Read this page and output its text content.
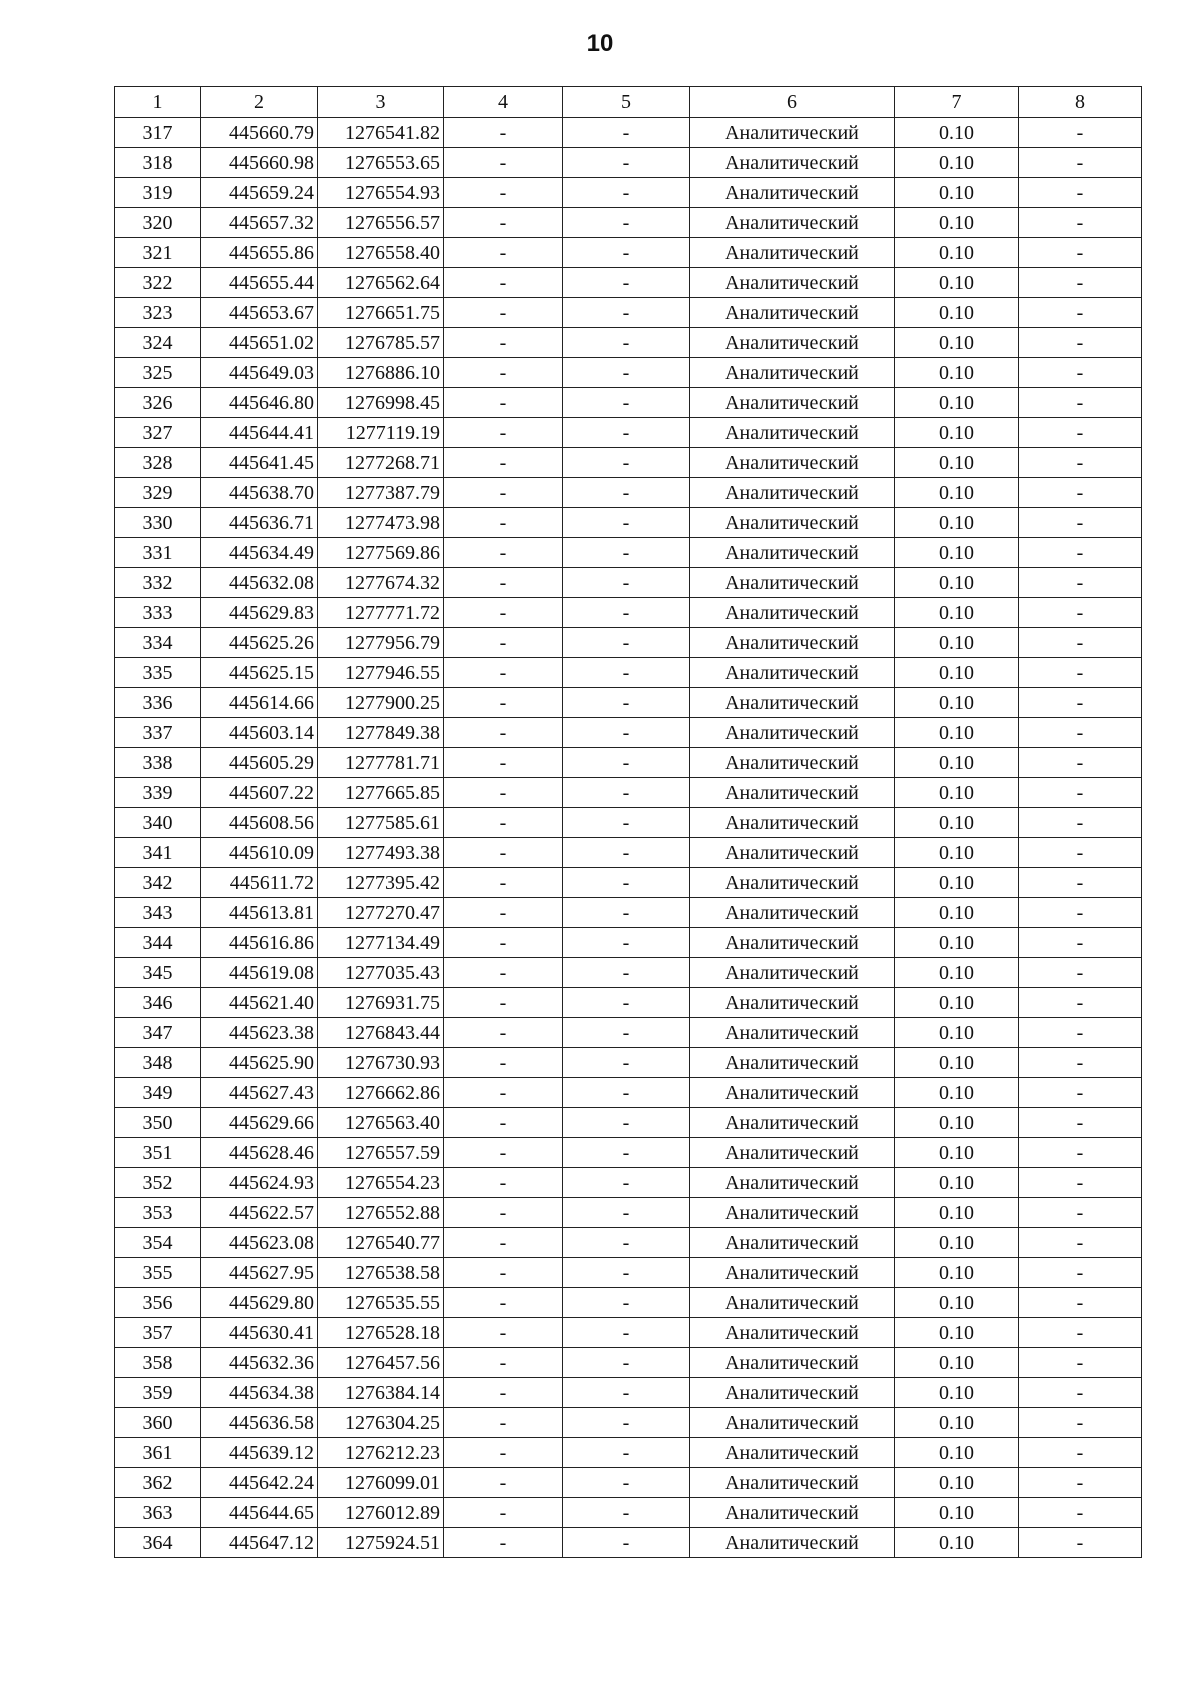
10
1	2	3	4	5	6	7	8
317	445660.79	1276541.82	-	-	Аналитический	0.10	-
318	445660.98	1276553.65	-	-	Аналитический	0.10	-
319	445659.24	1276554.93	-	-	Аналитический	0.10	-
320	445657.32	1276556.57	-	-	Аналитический	0.10	-
321	445655.86	1276558.40	-	-	Аналитический	0.10	-
322	445655.44	1276562.64	-	-	Аналитический	0.10	-
323	445653.67	1276651.75	-	-	Аналитический	0.10	-
324	445651.02	1276785.57	-	-	Аналитический	0.10	-
325	445649.03	1276886.10	-	-	Аналитический	0.10	-
326	445646.80	1276998.45	-	-	Аналитический	0.10	-
327	445644.41	1277119.19	-	-	Аналитический	0.10	-
328	445641.45	1277268.71	-	-	Аналитический	0.10	-
329	445638.70	1277387.79	-	-	Аналитический	0.10	-
330	445636.71	1277473.98	-	-	Аналитический	0.10	-
331	445634.49	1277569.86	-	-	Аналитический	0.10	-
332	445632.08	1277674.32	-	-	Аналитический	0.10	-
333	445629.83	1277771.72	-	-	Аналитический	0.10	-
334	445625.26	1277956.79	-	-	Аналитический	0.10	-
335	445625.15	1277946.55	-	-	Аналитический	0.10	-
336	445614.66	1277900.25	-	-	Аналитический	0.10	-
337	445603.14	1277849.38	-	-	Аналитический	0.10	-
338	445605.29	1277781.71	-	-	Аналитический	0.10	-
339	445607.22	1277665.85	-	-	Аналитический	0.10	-
340	445608.56	1277585.61	-	-	Аналитический	0.10	-
341	445610.09	1277493.38	-	-	Аналитический	0.10	-
342	445611.72	1277395.42	-	-	Аналитический	0.10	-
343	445613.81	1277270.47	-	-	Аналитический	0.10	-
344	445616.86	1277134.49	-	-	Аналитический	0.10	-
345	445619.08	1277035.43	-	-	Аналитический	0.10	-
346	445621.40	1276931.75	-	-	Аналитический	0.10	-
347	445623.38	1276843.44	-	-	Аналитический	0.10	-
348	445625.90	1276730.93	-	-	Аналитический	0.10	-
349	445627.43	1276662.86	-	-	Аналитический	0.10	-
350	445629.66	1276563.40	-	-	Аналитический	0.10	-
351	445628.46	1276557.59	-	-	Аналитический	0.10	-
352	445624.93	1276554.23	-	-	Аналитический	0.10	-
353	445622.57	1276552.88	-	-	Аналитический	0.10	-
354	445623.08	1276540.77	-	-	Аналитический	0.10	-
355	445627.95	1276538.58	-	-	Аналитический	0.10	-
356	445629.80	1276535.55	-	-	Аналитический	0.10	-
357	445630.41	1276528.18	-	-	Аналитический	0.10	-
358	445632.36	1276457.56	-	-	Аналитический	0.10	-
359	445634.38	1276384.14	-	-	Аналитический	0.10	-
360	445636.58	1276304.25	-	-	Аналитический	0.10	-
361	445639.12	1276212.23	-	-	Аналитический	0.10	-
362	445642.24	1276099.01	-	-	Аналитический	0.10	-
363	445644.65	1276012.89	-	-	Аналитический	0.10	-
364	445647.12	1275924.51	-	-	Аналитический	0.10	-
